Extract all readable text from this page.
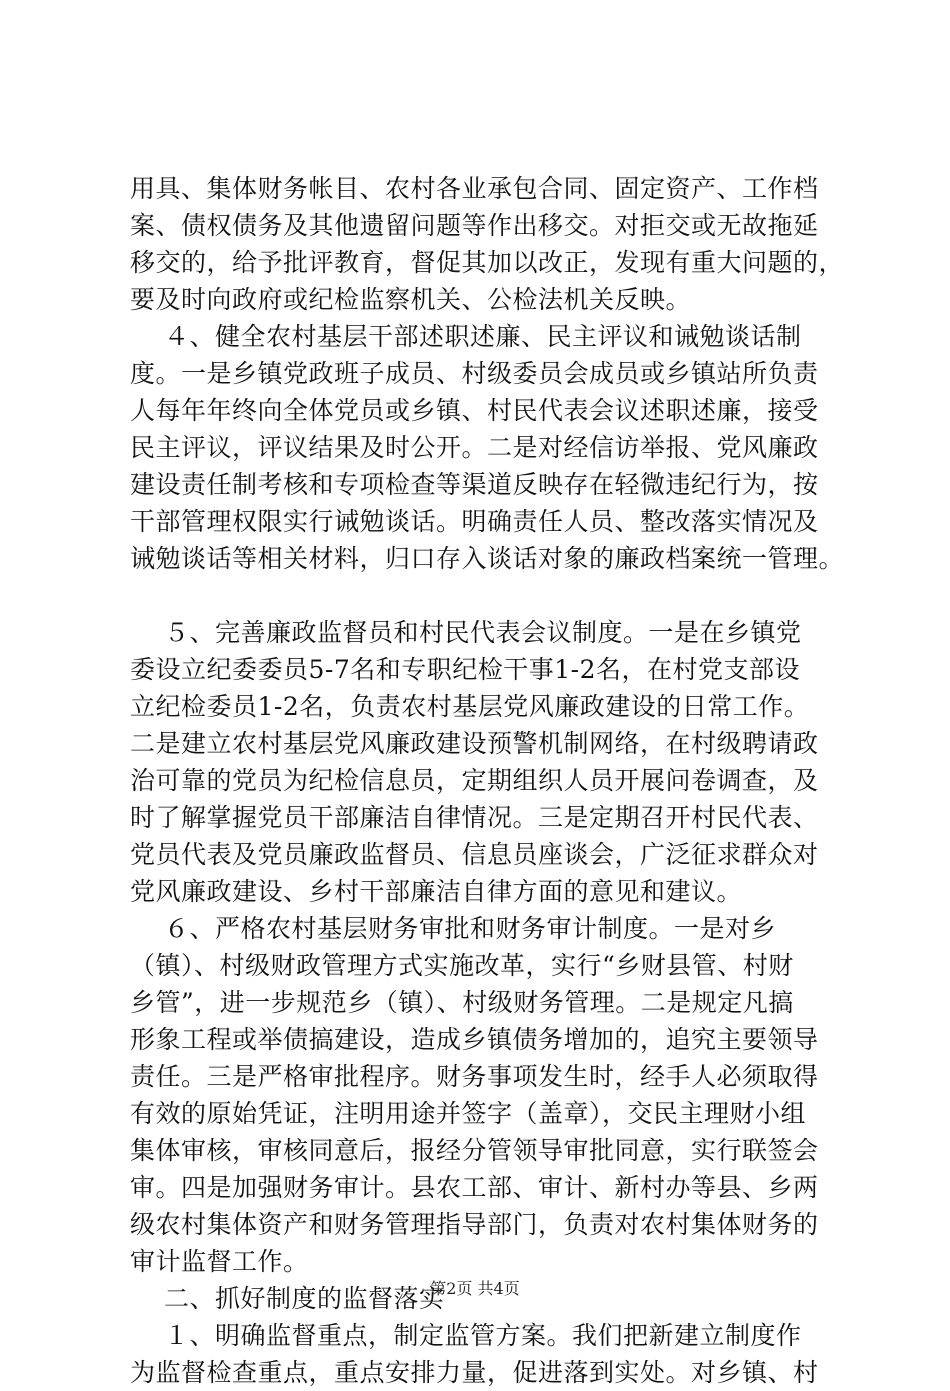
用具、集体财务帐目、农村各业承包合同、固定资产、工作档
案、债权债务及其他遗留问题等作出移交。对拒交或无故拖延
移交的，给予批评教育，督促其加以改正，发现有重大问题的，
要及时向政府或纪检监察机关、公检法机关反映。
　 ４、健全农村基层干部述职述廉、民主评议和诫勉谈话制
度。一是乡镇党政班子成员、村级委员会成员或乡镇站所负责
人每年年终向全体党员或乡镇、村民代表会议述职述廉，接受
民主评议，评议结果及时公开。二是对经信访举报、党风廉政
建设责任制考核和专项检查等渠道反映存在轻微违纪行为，按
干部管理权限实行诫勉谈话。明确责任人员、整改落实情况及
诫勉谈话等相关材料，归口存入谈话对象的廉政档案统一管理。
　 ５、完善廉政监督员和村民代表会议制度。一是在乡镇党
委设立纪委委员5-7名和专职纪检干事1-2名，在村党支部设
立纪检委员1-2名，负责农村基层党风廉政建设的日常工作。
二是建立农村基层党风廉政建设预警机制网络，在村级聘请政
治可靠的党员为纪检信息员，定期组织人员开展问卷调查，及
时了解掌握党员干部廉洁自律情况。三是定期召开村民代表、
党员代表及党员廉政监督员、信息员座谈会，广泛征求群众对
党风廉政建设、乡村干部廉洁自律方面的意见和建议。
　 ６、严格农村基层财务审批和财务审计制度。一是对乡
（镇）、村级财政管理方式实施改革，实行“乡财县管、村财
乡管”，进一步规范乡（镇）、村级财务管理。二是规定凡搞
形象工程或举债搞建设，造成乡镇债务增加的，追究主要领导
责任。三是严格审批程序。财务事项发生时，经手人必须取得
有效的原始凭证，注明用途并签字（盖章），交民主理财小组
集体审核，审核同意后，报经分管领导审批同意，实行联签会
审。四是加强财务审计。县农工部、审计、新村办等县、乡两
级农村集体资产和财务管理指导部门，负责对农村集体财务的
审计监督工作。
　 二、抓好制度的监督落实
　 １、明确监督重点，制定监管方案。我们把新建立制度作
为监督检查重点，重点安排力量，促进落到实处。对乡镇、村
第2页 共4页
